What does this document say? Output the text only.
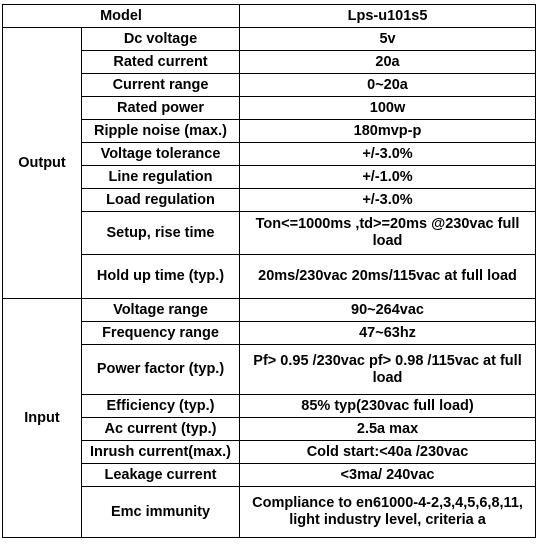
Model		Lps-u101s5
Output	Dc voltage	5v
	Rated current	20a
	Current range	0~20a
	Rated power	100w
	Ripple noise (max.)	180mvp-p
	Voltage tolerance	+/-3.0%
	Line regulation	+/-1.0%
	Load regulation	+/-3.0%
	Setup, rise time	Ton<=1000ms ,td>=20ms @230vac full load
	Hold up time (typ.)	20ms/230vac 20ms/115vac at full load
Input	Voltage range	90~264vac
	Frequency range	47~63hz
	Power factor (typ.)	Pf> 0.95 /230vac pf> 0.98 /115vac at full load
	Efficiency (typ.)	85% typ(230vac full load)
	Ac current (typ.)	2.5a max
	Inrush current(max.)	Cold start:<40a /230vac
	Leakage current	<3ma/ 240vac
	Emc immunity	Compliance to en61000-4-2,3,4,5,6,8,11, light industry level, criteria a
